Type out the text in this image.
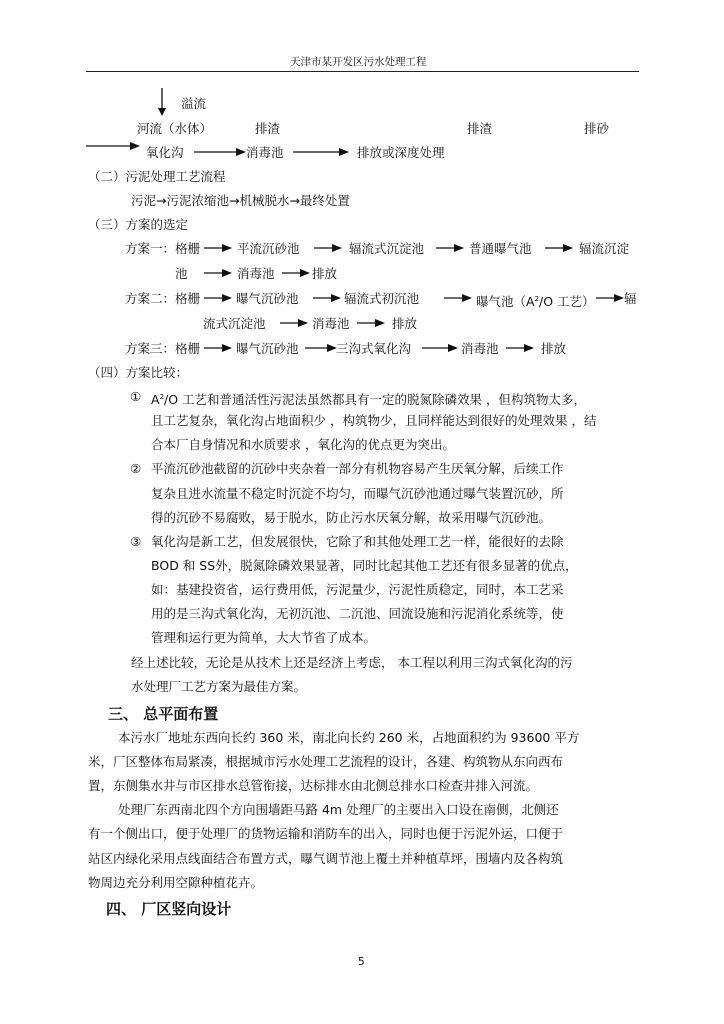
天津市某开发区污水处理工程
溢流
河流（水体）	排渣	排渣	排砂
氧化沟	消毒池	排放或深度处理
（二）污泥处理工艺流程
污泥→污泥浓缩池→机械脱水→最终处置
（三）方案的选定
方案一：格栅	平流沉砂池	辐流式沉淀池	普通曝气池	辐流沉淀
池	消毒池	排放
方案二：格栅	曝气沉砂池	辐流式初沉池	曝气池（$A^2/O$ 工艺） 辐
流式沉淀池	消毒池	排放
方案三：格栅	曝气沉砂池	三沟式氧化沟	消毒池	排放
（四）方案比较：
① $A^2/O$ 工艺和普通活性污泥法虽然都具有一定的脱氮除磷效果 ，但构筑物太多，
且工艺复杂，氧化沟占地面积少 ，构筑物少，且同样能达到很好的处理效果 ，结
合本厂自身情况和水质要求 ，氧化沟的优点更为突出。
② 平流沉砂池截留的沉砂中夹杂着一部分有机物容易产生厌氧分解，后续工作
复杂且进水流量不稳定时沉淀不均匀，而曝气沉砂池通过曝气装置沉砂，所
得的沉砂不易腐败，易于脱水，防止污水厌氧分解，故采用曝气沉砂池。
③ 氧化沟是新工艺，但发展很快，它除了和其他处理工艺一样，能很好的去除
BOD 和 SS外，脱氮除磷效果显著，同时比起其他工艺还有很多显著的优点，
如：基建投资省，运行费用低，污泥量少，污泥性质稳定，同时，本工艺采
用的是三沟式氧化沟，无初沉池、二沉池、回流设施和污泥消化系统等，使
管理和运行更为简单，大大节省了成本。
经上述比较，无论是从技术上还是经济上考虑， 本工程以利用三沟式氧化沟的污
水处理厂工艺方案为最佳方案。
三、 总平面布置
本污水厂地址东西向长约 360 米，南北向长约 260 米，占地面积约为 93600 平方
米，厂区整体布局紧凑，根据城市污水处理工艺流程的设计，各建、构筑物从东向西布
置，东侧集水井与市区排水总管衔接，达标排水由北侧总排水口检查井排入河流。
处理厂东西南北四个方向围墙距马路 4m 处理厂的主要出入口设在南侧，北侧还
有一个侧出口，便于处理厂的货物运输和消防车的出入，同时也便于污泥外运，口便于
站区内绿化采用点线面结合布置方式，曝气调节池上覆土并种植草坪，围墙内及各构筑
物周边充分利用空隙种植花卉。
四、 厂区竖向设计
5
